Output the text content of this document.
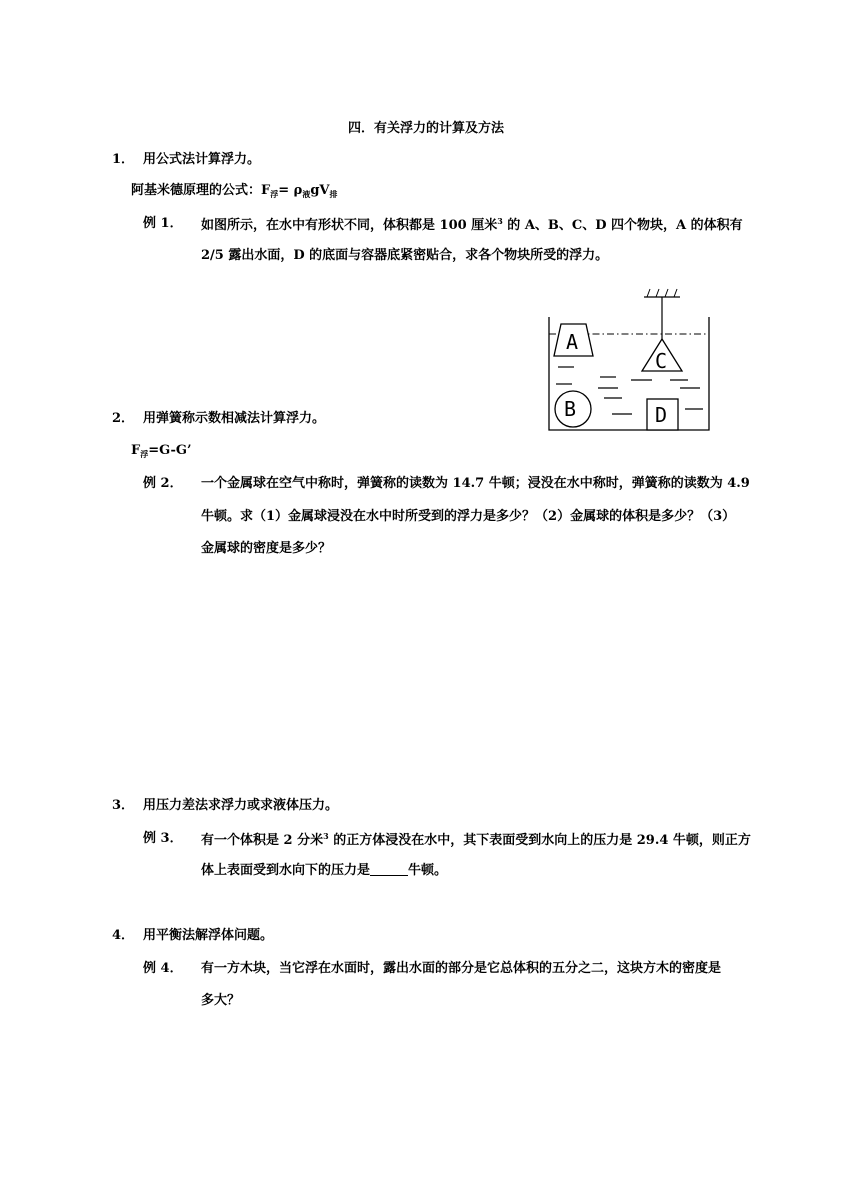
四．有关浮力的计算及方法
1． 用公式法计算浮力。
阿基米德原理的公式：$F_浮= \rho_液gV_排$
例 1． 如图所示，在水中有形状不同，体积都是 100 厘米$^3$ 的 A、B、C、D 四个物块，A 的体积有
2/5 露出水面，D 的底面与容器底紧密贴合，求各个物块所受的浮力。
A
C
B	D
2． 用弹簧称示数相减法计算浮力。
$F_浮=G-G$’
例 2． 一个金属球在空气中称时，弹簧称的读数为 14.7 牛顿；浸没在水中称时，弹簧称的读数为 4.9
牛顿。求（1）金属球浸没在水中时所受到的浮力是多少？（2）金属球的体积是多少？（3）
金属球的密度是多少？
3． 用压力差法求浮力或求液体压力。
例 3． 有一个体积是 2 分米$^3$ 的正方体浸没在水中，其下表面受到水向上的压力是 29.4 牛顿，则正方
体上表面受到水向下的压力是	牛顿。
4． 用平衡法解浮体问题。
例 4． 有一方木块，当它浮在水面时，露出水面的部分是它总体积的五分之二，这块方木的密度是
多大？
